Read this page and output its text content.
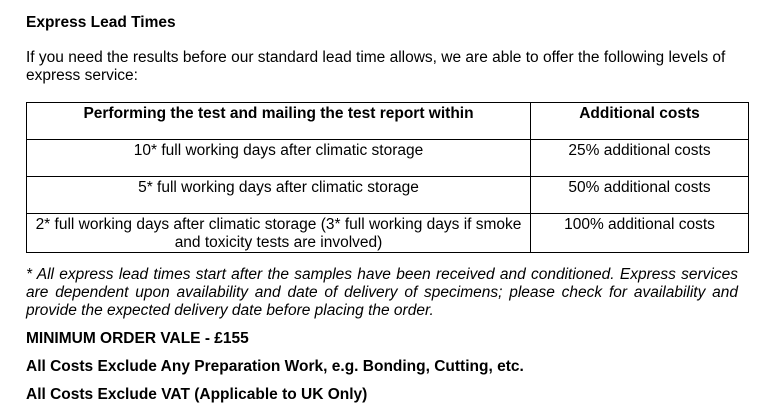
Express Lead Times
If you need the results before our standard lead time allows, we are able to offer the following levels of express service:
Performing the test and mailing the test report within	Additional costs
10* full working days after climatic storage	25% additional costs
5* full working days after climatic storage	50% additional costs
2* full working days after climatic storage (3* full working days if smoke and toxicity tests are involved)	100% additional costs
* All express lead times start after the samples have been received and conditioned. Express services are dependent upon availability and date of delivery of specimens; please check for availability and provide the expected delivery date before placing the order.
MINIMUM ORDER VALE - £155
All Costs Exclude Any Preparation Work, e.g. Bonding, Cutting, etc.
All Costs Exclude VAT (Applicable to UK Only)
